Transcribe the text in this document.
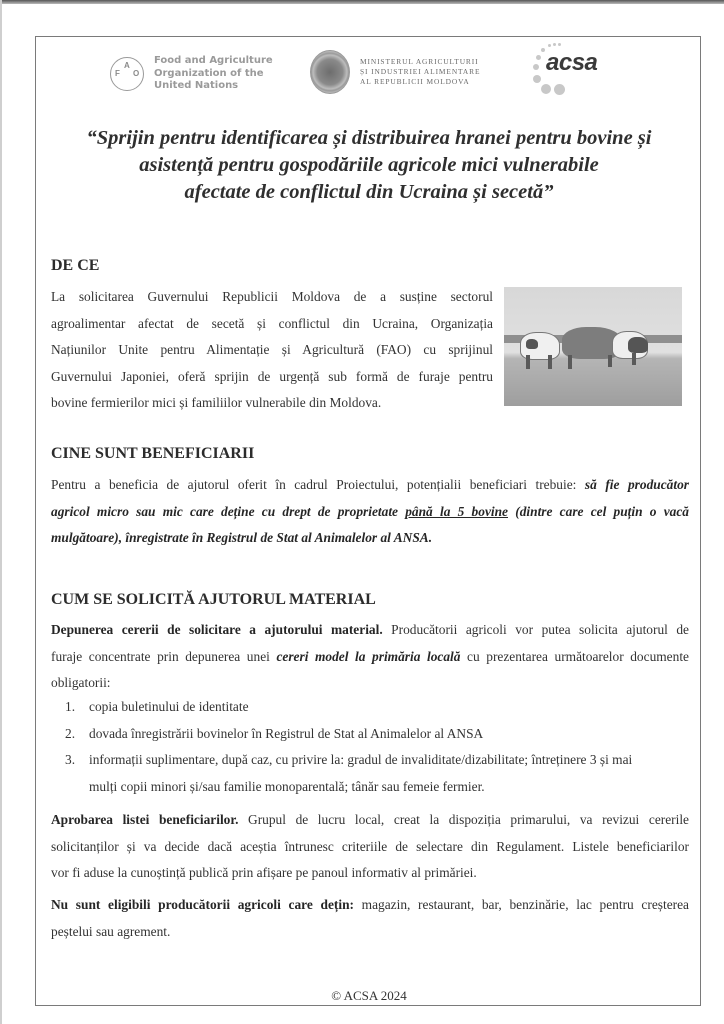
F
A
O
Food and Agriculture
Organization of the
United Nations
MINISTERUL AGRICULTURII
ȘI INDUSTRIEI ALIMENTARE
AL REPUBLICII MOLDOVA
acsa
“Sprijin pentru identificarea și distribuirea hranei pentru bovine și
asistență pentru gospodăriile agricole mici vulnerabile
afectate de conflictul din Ucraina și secetă”
DE CE
La solicitarea Guvernului Republicii Moldova de a susține sectorul
agroalimentar afectat de secetă și conflictul din Ucraina, Organizația
Națiunilor Unite pentru Alimentație și Agricultură (FAO) cu sprijinul
Guvernului Japoniei, oferă sprijin de urgență sub formă de furaje pentru
bovine fermierilor mici și familiilor vulnerabile din Moldova.
CINE SUNT BENEFICIARII
Pentru a beneficia de ajutorul oferit în cadrul Proiectului, potențialii beneficiari trebuie: să fie producător
agricol micro sau mic care deține cu drept de proprietate până la 5 bovine (dintre care cel puțin o vacă
mulgătoare), înregistrate în Registrul de Stat al Animalelor al ANSA.
CUM SE SOLICITĂ AJUTORUL MATERIAL
Depunerea cererii de solicitare a ajutorului material. Producătorii agricoli vor putea solicita ajutorul de
furaje concentrate prin depunerea unei cereri model la primăria locală cu prezentarea următoarelor documente
obligatorii:
1. copia buletinului de identitate
2. dovada înregistrării bovinelor în Registrul de Stat al Animalelor al ANSA
3. informații suplimentare, după caz, cu privire la: gradul de invaliditate/dizabilitate; întreținere 3 și mai
mulți copii minori și/sau familie monoparentală; tânăr sau femeie fermier.
Aprobarea listei beneficiarilor. Grupul de lucru local, creat la dispoziția primarului, va revizui cererile
solicitanților și va decide dacă aceștia întrunesc criteriile de selectare din Regulament. Listele beneficiarilor
vor fi aduse la cunoștință publică prin afișare pe panoul informativ al primăriei.
Nu sunt eligibili producătorii agricoli care dețin: magazin, restaurant, bar, benzinărie, lac pentru creșterea
peștelui sau agrement.
© ACSA 2024
